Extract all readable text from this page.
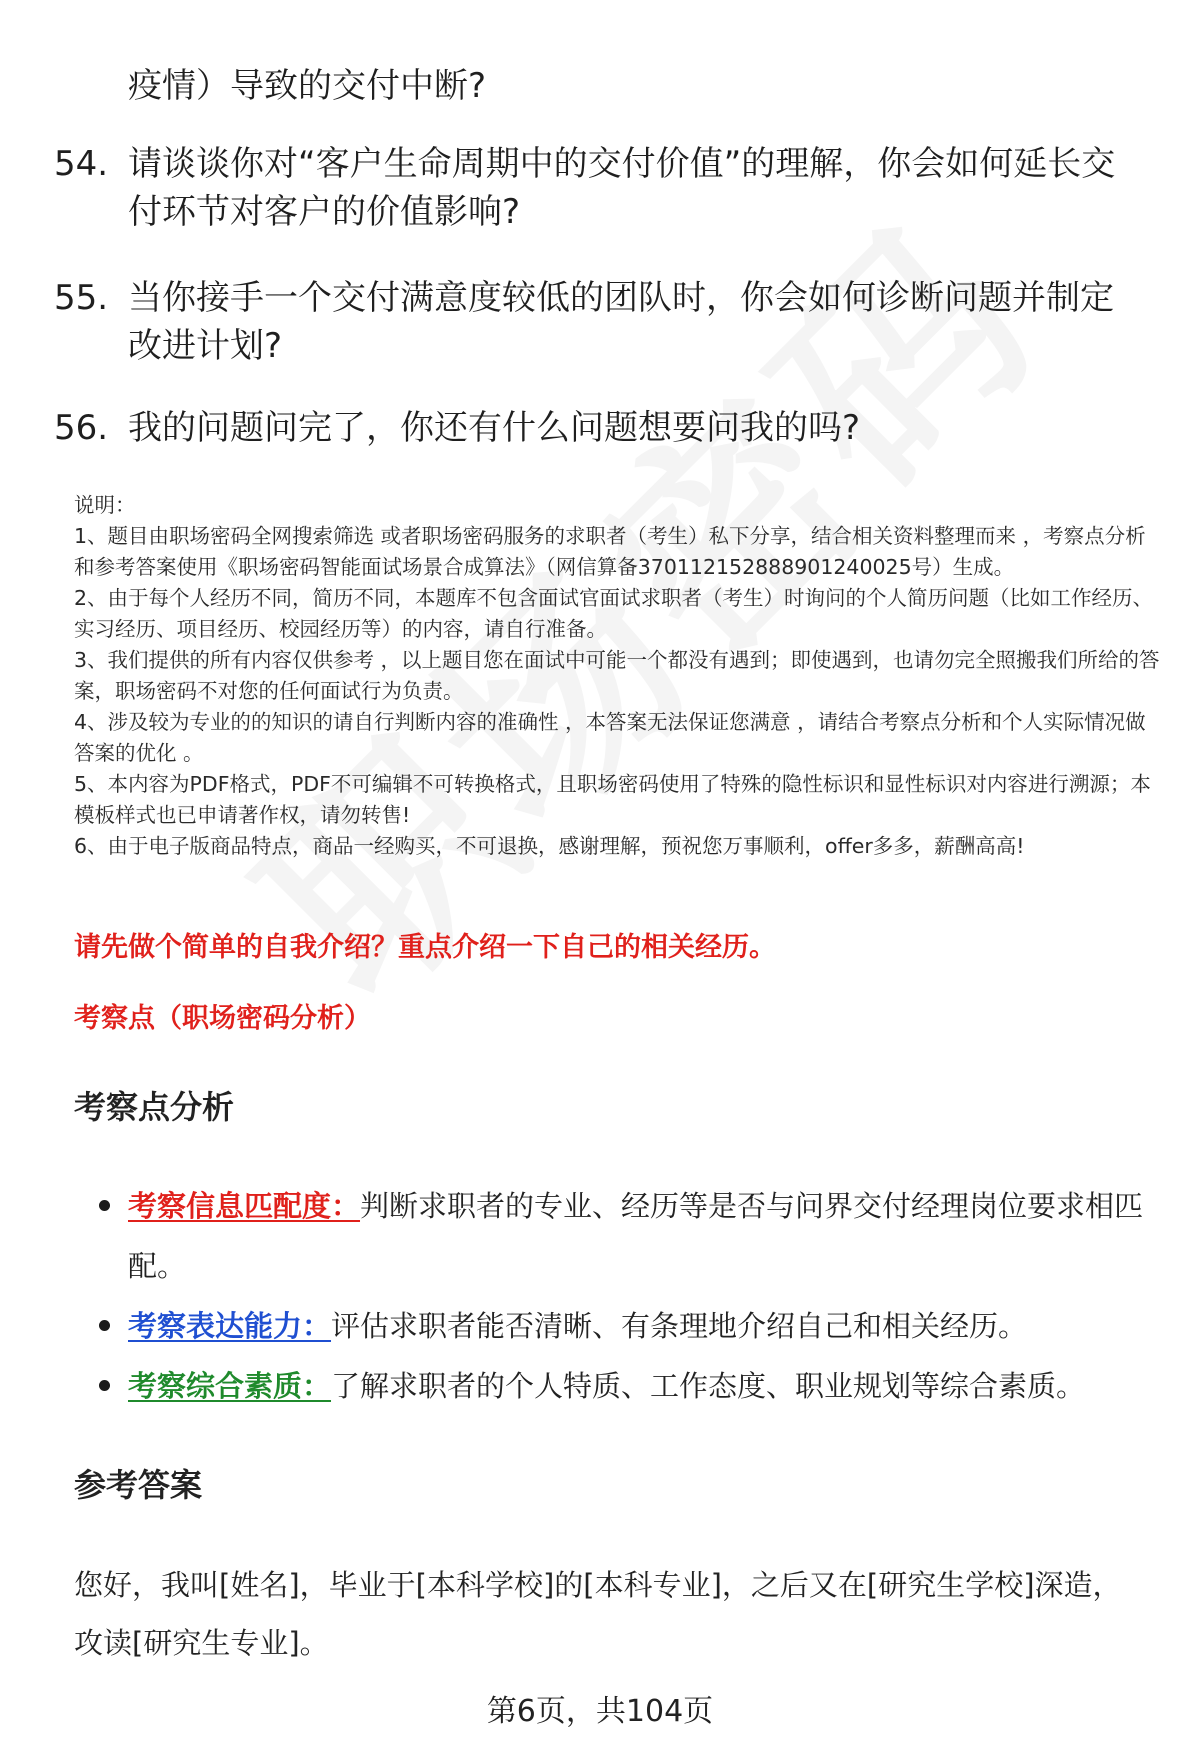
疫情）导致的交付中断?
54. 请谈谈你对“客户生命周期中的交付价值”的理解，你会如何延长交付环节对客户的价值影响?
55. 当你接手一个交付满意度较低的团队时，你会如何诊断问题并制定改进计划?
56. 我的问题问完了，你还有什么问题想要问我的吗?

说明：

1、题目由职场密码全网搜索筛选 或者职场密码服务的求职者（考生）私下分享，结合相关资料整理而来 ，考察点分析和参考答案使用《职场密码智能面试场景合成算法》（网信算备370112152888901240025号）生成。

2、由于每个人经历不同，简历不同，本题库不包含面试官面试求职者（考生）时询问的个人简历问题（比如工作经历、实习经历、项目经历、校园经历等）的内容，请自行准备。

3、我们提供的所有内容仅供参考 ，以上题目您在面试中可能一个都没有遇到；即使遇到，也请勿完全照搬我们所给的答案，职场密码不对您的任何面试行为负责。

4、涉及较为专业的的知识的请自行判断内容的准确性 ，本答案无法保证您满意 ，请结合考察点分析和个人实际情况做答案的优化 。

5、本内容为PDF格式，PDF不可编辑不可转换格式，且职场密码使用了特殊的隐性标识和显性标识对内容进行溯源；本模板样式也已申请著作权，请勿转售!

6、由于电子版商品特点，商品一经购买，不可退换，感谢理解，预祝您万事顺利，offer多多，薪酬高高!

请先做个简单的自我介绍？重点介绍一下自己的相关经历。
考察点（职场密码分析）
考察点分析
考察信息匹配度：判断求职者的专业、经历等是否与问界交付经理岗位要求相匹配。
考察表达能力：评估求职者能否清晰、有条理地介绍自己和相关经历。
考察综合素质：了解求职者的个人特质、工作态度、职业规划等综合素质。
参考答案
您好，我叫[姓名]，毕业于[本科学校]的[本科专业]，之后又在[研究生学校]深造，攻读[研究生专业]。
第6页，共104页
